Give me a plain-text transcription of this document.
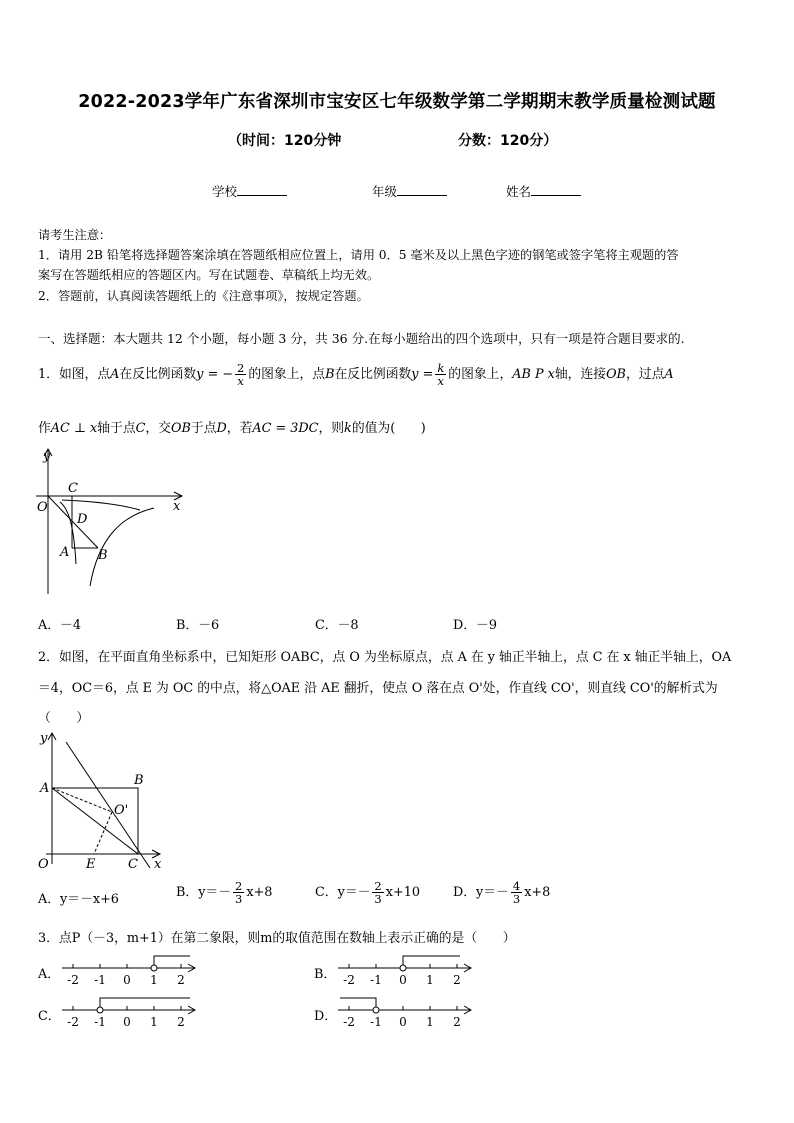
2022-2023学年广东省深圳市宝安区七年级数学第二学期期末教学质量检测试题
（时间：120分钟	分数：120分）
学校	年级	姓名
请考生注意：
1．请用 2B 铅笔将选择题答案涂填在答题纸相应位置上，请用 0．5 毫米及以上黑色字迹的钢笔或签字笔将主观题的答
案写在答题纸相应的答题区内。写在试题卷、草稿纸上均无效。
2．答题前，认真阅读答题纸上的《注意事项》，按规定答题。
一、选择题：本大题共 12 个小题，每小题 3 分，共 36 分.在每小题给出的四个选项中，只有一项是符合题目要求的.
1．如图，点A在反比例函数y = − $\frac{2}{x}$ 的图象上，点B在反比例函数$y = \frac{k}{x}$ 的图象上，AB P x轴，连接OB，过点A
作AC ⊥ x轴于点C，交OB于点D，若AC = 3DC，则k的值为(　　)
y
x
O
C
D
A B
A．－4	B．－6	C．－8	D．－9
2．如图，在平面直角坐标系中，已知矩形 OABC，点 O 为坐标原点，点 A 在 y 轴正半轴上，点 C 在 x 轴正半轴上，OA
＝4，OC＝6，点 E 为 OC 的中点，将△OAE 沿 AE 翻折，使点 O 落在点 O'处，作直线 CO'，则直线 CO'的解析式为
（　　）
y
x
O
A
B
O'
E	C
A．y＝－x+6	B．$y=- \frac{2}{3} x+8$	C．$y=- \frac{2}{3} x+10$	D．$y=- \frac{4}{3} x+8$
3．点P（－3，m+1）在第二象限，则m的取值范围在数轴上表示正确的是（　　）
A． -2 -1 0 1 2	B． -2 -1 0 1 2
C． -2 -1 0 1 2	D． -2 -1 0 1 2
